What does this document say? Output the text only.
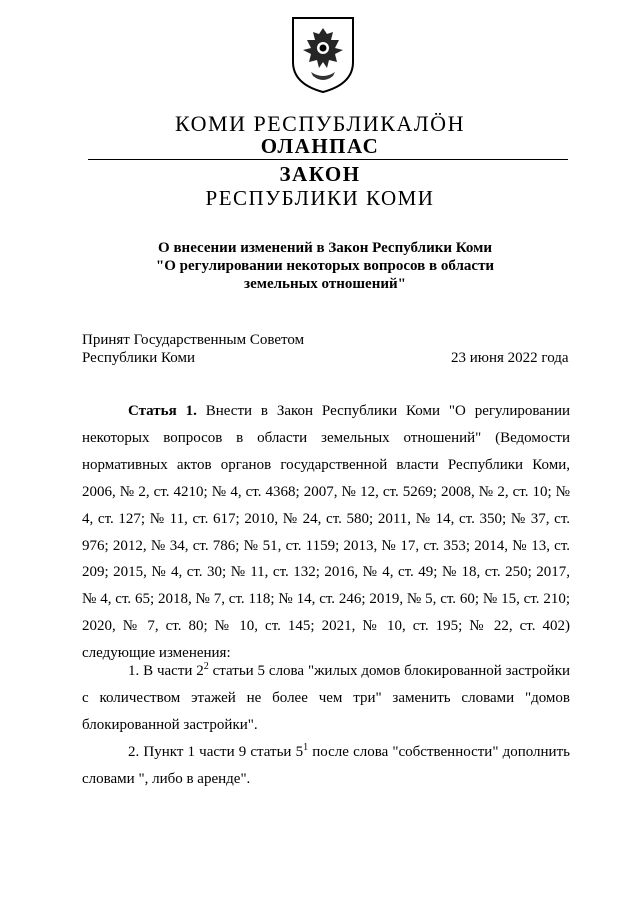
КОМИ РЕСПУБЛИКАЛÖН
ОЛАНПАС
ЗАКОН
РЕСПУБЛИКИ КОМИ
О внесении изменений в Закон Республики Коми
"О регулировании некоторых вопросов в области
земельных отношений"
Принят Государственным Советом
Республики Коми	23 июня 2022 года

Статья 1. Внести в Закон Республики Коми "О регулировании некоторых вопросов в области земельных отношений" (Ведомости нормативных актов органов государственной власти Республики Коми, 2006, № 2, ст. 4210; № 4, ст. 4368; 2007, № 12, ст. 5269; 2008, № 2, ст. 10; № 4, ст. 127; № 11, ст. 617; 2010, № 24, ст. 580; 2011, № 14, ст. 350; № 37, ст. 976; 2012, № 34, ст. 786; № 51, ст. 1159; 2013, № 17, ст. 353; 2014, № 13, ст. 209; 2015, № 4, ст. 30; № 11, ст. 132; 2016, № 4, ст. 49; № 18, ст. 250; 2017, № 4, ст. 65; 2018, № 7, ст. 118; № 14, ст. 246; 2019, № 5, ст. 60; № 15, ст. 210; 2020, № 7, ст. 80; № 10, ст. 145; 2021, № 10, ст. 195; № 22, ст. 402) следующие изменения:

1. В части $2^2$ статьи 5 слова "жилых домов блокированной застройки с количеством этажей не более чем три" заменить словами "домов блокированной застройки".

2. Пункт 1 части 9 статьи $5^1$ после слова "собственности" дополнить словами ", либо в аренде".
